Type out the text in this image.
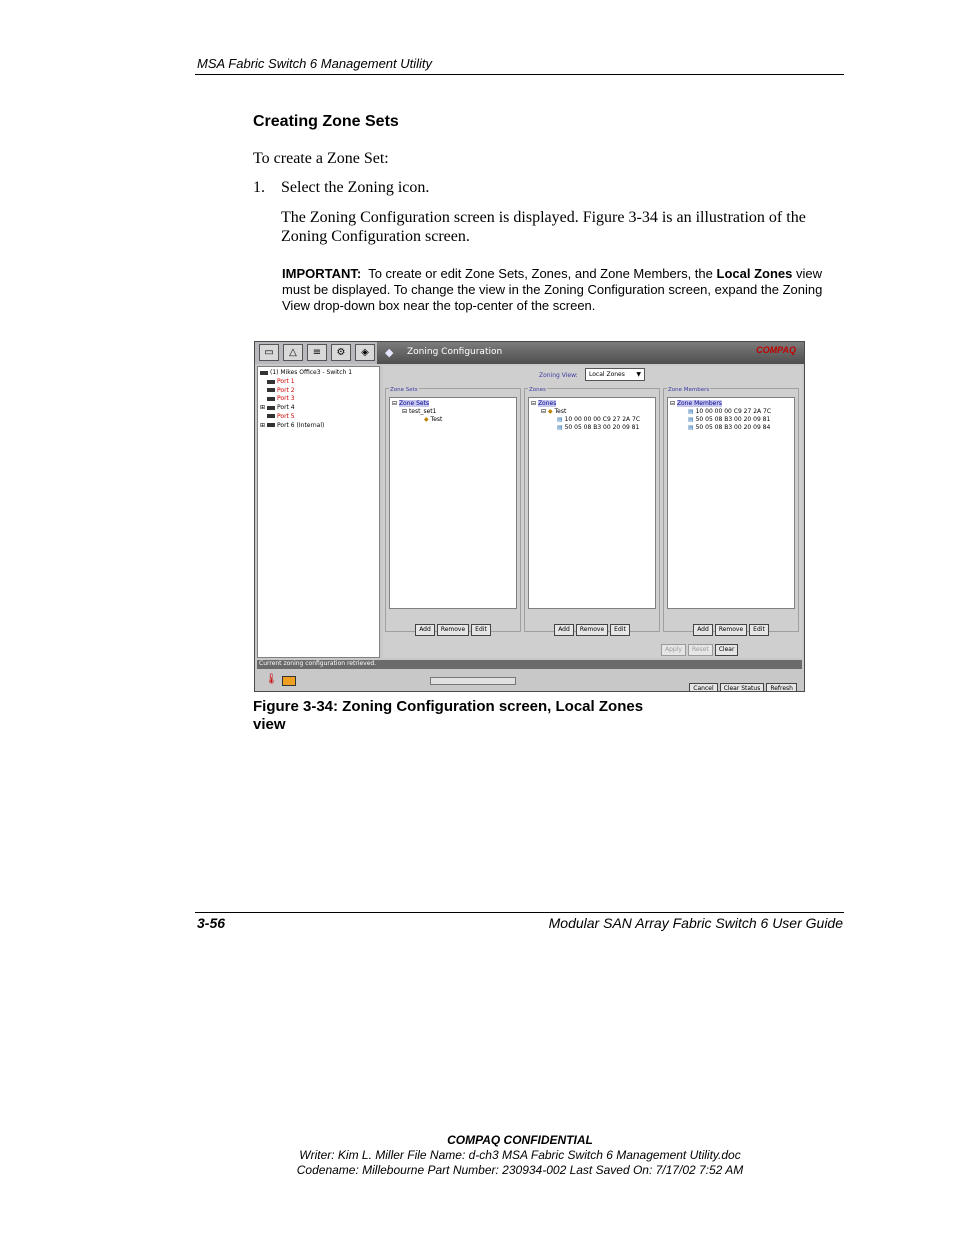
MSA Fabric Switch 6 Management Utility
Creating Zone Sets
To create a Zone Set:
1. Select the Zoning icon.
The Zoning Configuration screen is displayed. Figure 3-34 is an illustration of the Zoning Configuration screen.
IMPORTANT: To create or edit Zone Sets, Zones, and Zone Members, the Local Zones view must be displayed. To change the view in the Zoning Configuration screen, expand the Zoning View drop-down box near the top-center of the screen.
▭	△	≡	⚙	◈	◆ Zoning Configuration	COMPAQ
(1) Mikes Office3 - Switch 1
Port 1
Port 2
Port 3
⊞ Port 4
Port 5
⊞ Port 6 (Internal)
Zoning View:	Local Zones ▼
Zone Sets
⊟ Zone Sets
⊟ test_set1
◆ Test
Add Remove Edit
Zones
⊟ Zones
⊟ ◆ Test
▤ 10 00 00 00 C9 27 2A 7C
▤ 50 05 08 B3 00 20 09 81
Add Remove Edit
Zone Members
⊟ Zone Members
▤ 10 00 00 00 C9 27 2A 7C
▤ 50 05 08 B3 00 20 09 81
▤ 50 05 08 B3 00 20 09 84
Add Remove Edit
Apply Reset Clear
Current zoning configuration retrieved.
🌡
Cancel Clear Status Refresh
Figure 3-34: Zoning Configuration screen, Local Zones view
3-56	Modular SAN Array Fabric Switch 6 User Guide
COMPAQ CONFIDENTIAL
Writer: Kim L. Miller File Name: d-ch3 MSA Fabric Switch 6 Management Utility.doc
Codename: Millebourne Part Number: 230934-002 Last Saved On: 7/17/02 7:52 AM
